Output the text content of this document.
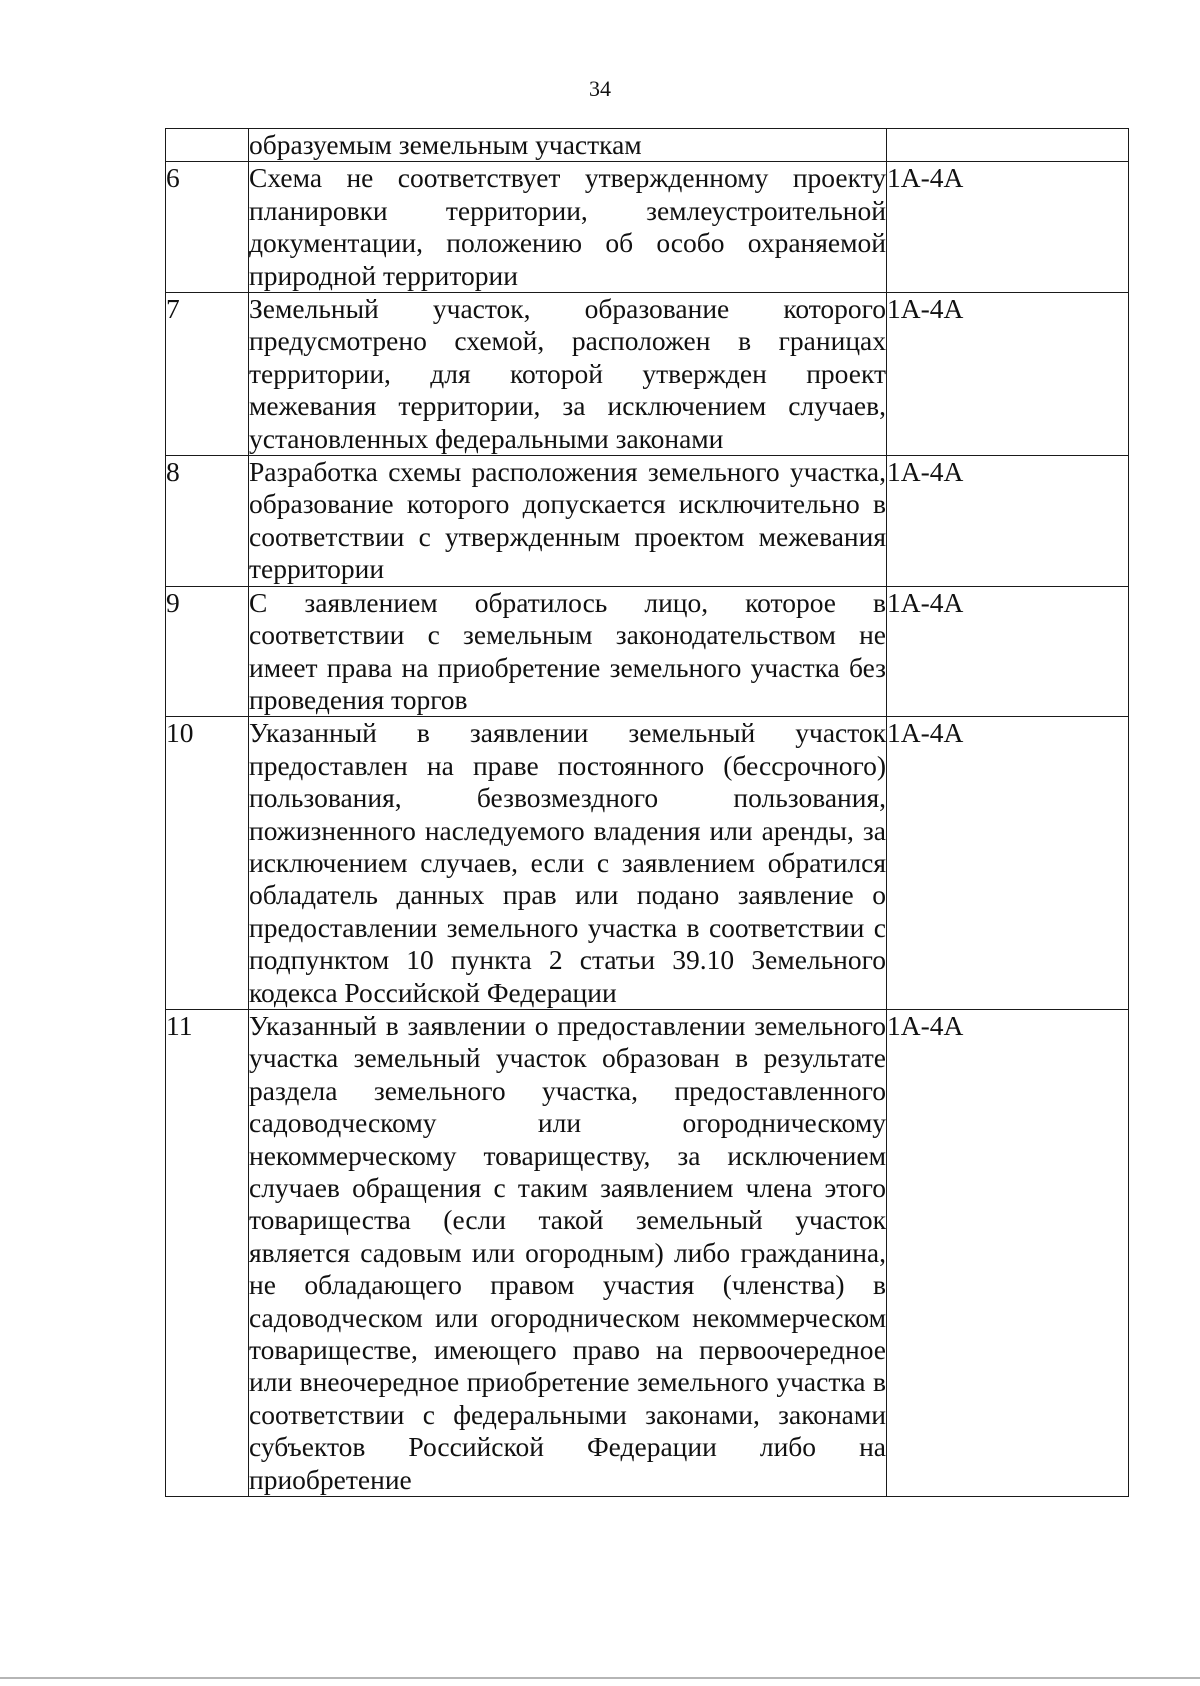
34
	образуемым земельным участкам	
6	Схема не соответствует утвержденному проекту планировки территории, землеустроительной документации, положению об особо охраняемой природной территории	1А-4А
7	Земельный участок, образование которого предусмотрено схемой, расположен в границах территории, для которой утвержден проект межевания территории, за исключением случаев, установленных федеральными законами	1А-4А
8	Разработка схемы расположения земельного участка, образование которого допускается исключительно в соответствии с утвержденным проектом межевания территории	1А-4А
9	С заявлением обратилось лицо, которое в соответствии с земельным законодательством не имеет права на приобретение земельного участка без проведения торгов	1А-4А
10	Указанный в заявлении земельный участок предоставлен на праве постоянного (бессрочного) пользования, безвозмездного пользования, пожизненного наследуемого владения или аренды, за исключением случаев, если с заявлением обратился обладатель данных прав или подано заявление о предоставлении земельного участка в соответствии с подпунктом 10 пункта 2 статьи 39.10 Земельного кодекса Российской Федерации	1А-4А
11	Указанный в заявлении о предоставлении земельного участка земельный участок образован в результате раздела земельного участка, предоставленного садоводческому или огородническому некоммерческому товариществу, за исключением случаев обращения с таким заявлением члена этого товарищества (если такой земельный участок является садовым или огородным) либо гражданина, не обладающего правом участия (членства) в садоводческом или огородническом некоммерческом товариществе, имеющего право на первоочередное или внеочередное приобретение земельного участка в соответствии с федеральными законами, законами субъектов Российской Федерации либо на приобретение	1А-4А
